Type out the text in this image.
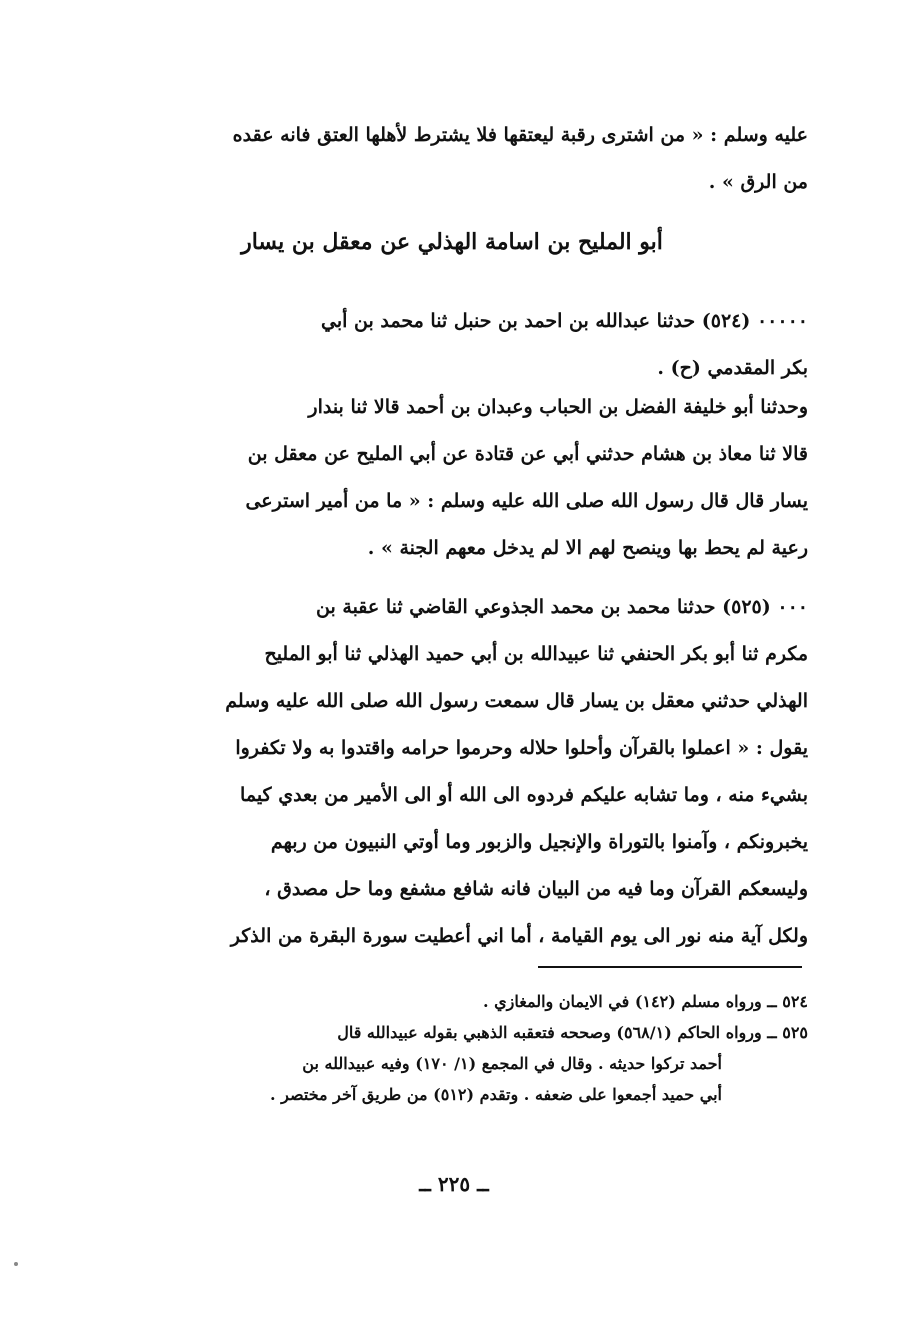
عليه وسلم : « من اشترى رقبة ليعتقها فلا يشترط لأهلها العتق فانه عقده
من الرق » .
أبو المليح بن اسامة الهذلي عن معقل بن يسار
۰۰۰۰۰ (٥٢٤) حدثنا عبدالله بن احمد بن حنبل ثنا محمد بن أبي
بكر المقدمي (ح) .
وحدثنا أبو خليفة الفضل بن الحباب وعبدان بن أحمد قالا ثنا بندار
قالا ثنا معاذ بن هشام حدثني أبي عن قتادة عن أبي المليح عن معقل بن
يسار قال قال رسول الله صلى الله عليه وسلم : « ما من أمير استرعى
رعية لم يحط بها وينصح لهم الا لم يدخل معهم الجنة » .
۰۰۰ (٥٢٥) حدثنا محمد بن محمد الجذوعي القاضي ثنا عقبة بن
مكرم ثنا أبو بكر الحنفي ثنا عبيدالله بن أبي حميد الهذلي ثنا أبو المليح
الهذلي حدثني معقل بن يسار قال سمعت رسول الله صلى الله عليه وسلم
يقول : « اعملوا بالقرآن وأحلوا حلاله وحرموا حرامه واقتدوا به ولا تكفروا
بشيء منه ، وما تشابه عليكم فردوه الى الله أو الى الأمير من بعدي كيما
يخبرونكم ، وآمنوا بالتوراة والإنجيل والزبور وما أوتي النبيون من ربهم
وليسعكم القرآن وما فيه من البيان فانه شافع مشفع وما حل مصدق ،
ولكل آية منه نور الى يوم القيامة ، أما اني أعطيت سورة البقرة من الذكر
٥٢٤ ــ ورواه مسلم (١٤٢) في الايمان والمغازي .
٥٢٥ ــ ورواه الحاكم (٥٦٨/١) وصححه فتعقبه الذهبي بقوله عبيدالله قال
أحمد تركوا حديثه . وقال في المجمع (١/ ١٧٠) وفيه عبيدالله بن
أبي حميد أجمعوا على ضعفه . وتقدم (٥١٢) من طريق آخر مختصر .
ــ ٢٢٥ ــ
